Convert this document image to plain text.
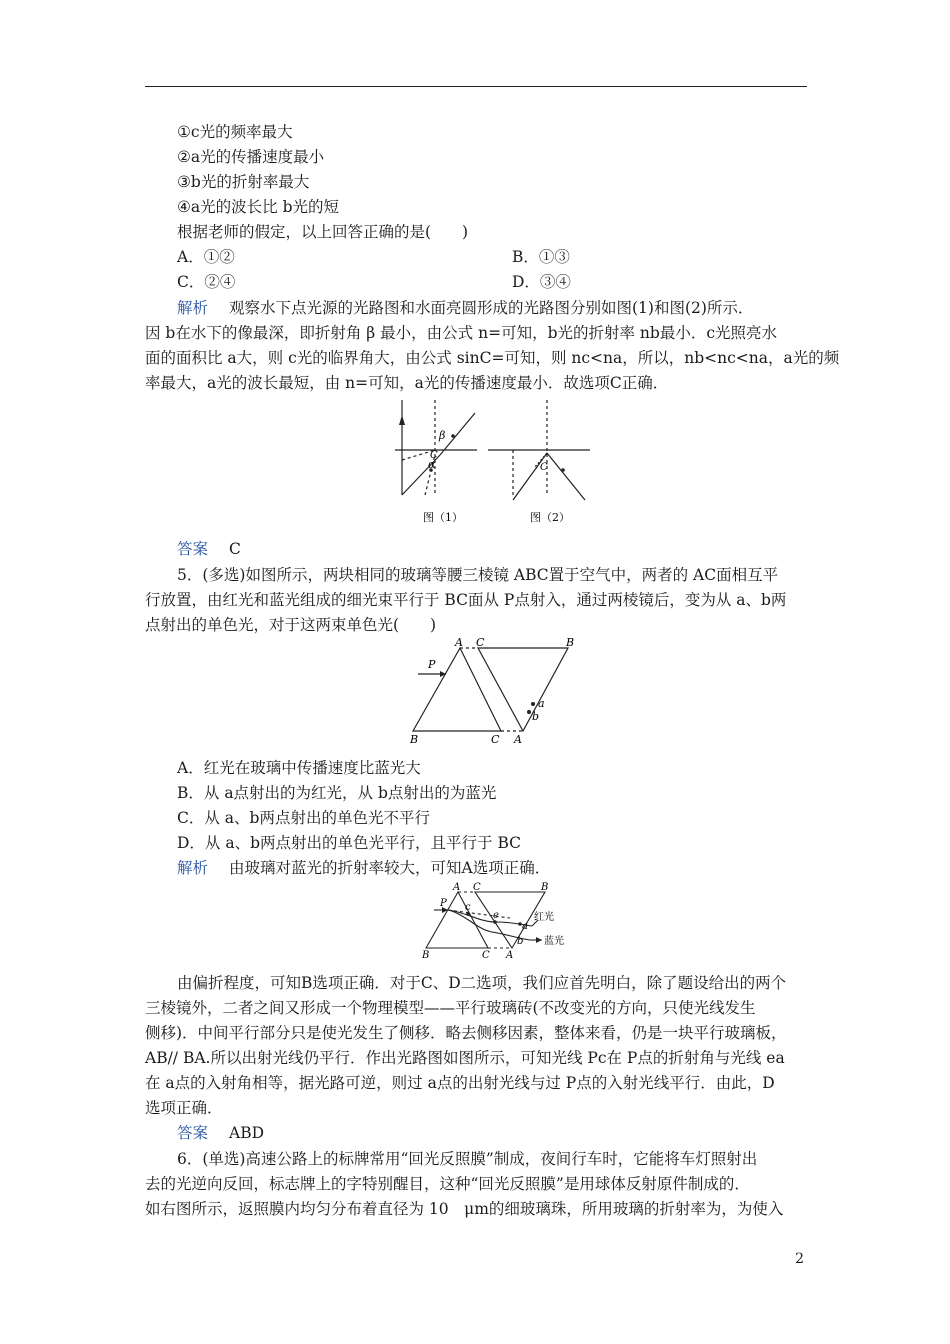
①c光的频率最大
②a光的传播速度最小
③b光的折射率最大
④a光的波长比 b光的短
根据老师的假定，以上回答正确的是(　　)
A．①②	B．①③
C．②④	D．③④
解析 观察水下点光源的光路图和水面亮圆形成的光路图分别如图(1)和图(2)所示．
因 b在水下的像最深，即折射角 β 最小，由公式 n=可知，b光的折射率 nb最小．c光照亮水
面的面积比 a大，则 c光的临界角大，由公式 sinC=可知，则 nc<na，所以，nb<nc<na，a光的频
率最大，a光的波长最短，由 n=可知，a光的传播速度最小．故选项C正确．
β
C
α	C
图（1）	图（2）
答案 C
5．(多选)如图所示，两块相同的玻璃等腰三棱镜 ABC置于空气中，两者的 AC面相互平
行放置，由红光和蓝光组成的细光束平行于 BC面从 P点射入，通过两棱镜后，变为从 a、b两
点射出的单色光，对于这两束单色光(　　)
A C	B
P
B	C A
a
b
A．红光在玻璃中传播速度比蓝光大
B．从 a点射出的为红光，从 b点射出的为蓝光
C．从 a、b两点射出的单色光不平行
D．从 a、b两点射出的单色光平行，且平行于 BC
解析 由玻璃对蓝光的折射率较大，可知A选项正确．
A C	B
P c
e
a
b
红光
蓝光
B	C A
由偏折程度，可知B选项正确．对于C、D二选项，我们应首先明白，除了题设给出的两个
三棱镜外，二者之间又形成一个物理模型——平行玻璃砖(不改变光的方向，只使光线发生
侧移)．中间平行部分只是使光发生了侧移．略去侧移因素，整体来看，仍是一块平行玻璃板，
AB// BA.所以出射光线仍平行．作出光路图如图所示，可知光线 Pc在 P点的折射角与光线 ea
在 a点的入射角相等，据光路可逆，则过 a点的出射光线与过 P点的入射光线平行．由此，D
选项正确．
答案 ABD
6．(单选)高速公路上的标牌常用“回光反照膜”制成，夜间行车时，它能将车灯照射出
去的光逆向反回，标志牌上的字特别醒目，这种“回光反照膜”是用球体反射原件制成的．
如右图所示，返照膜内均匀分布着直径为 10　μm的细玻璃珠，所用玻璃的折射率为，为使入
2
